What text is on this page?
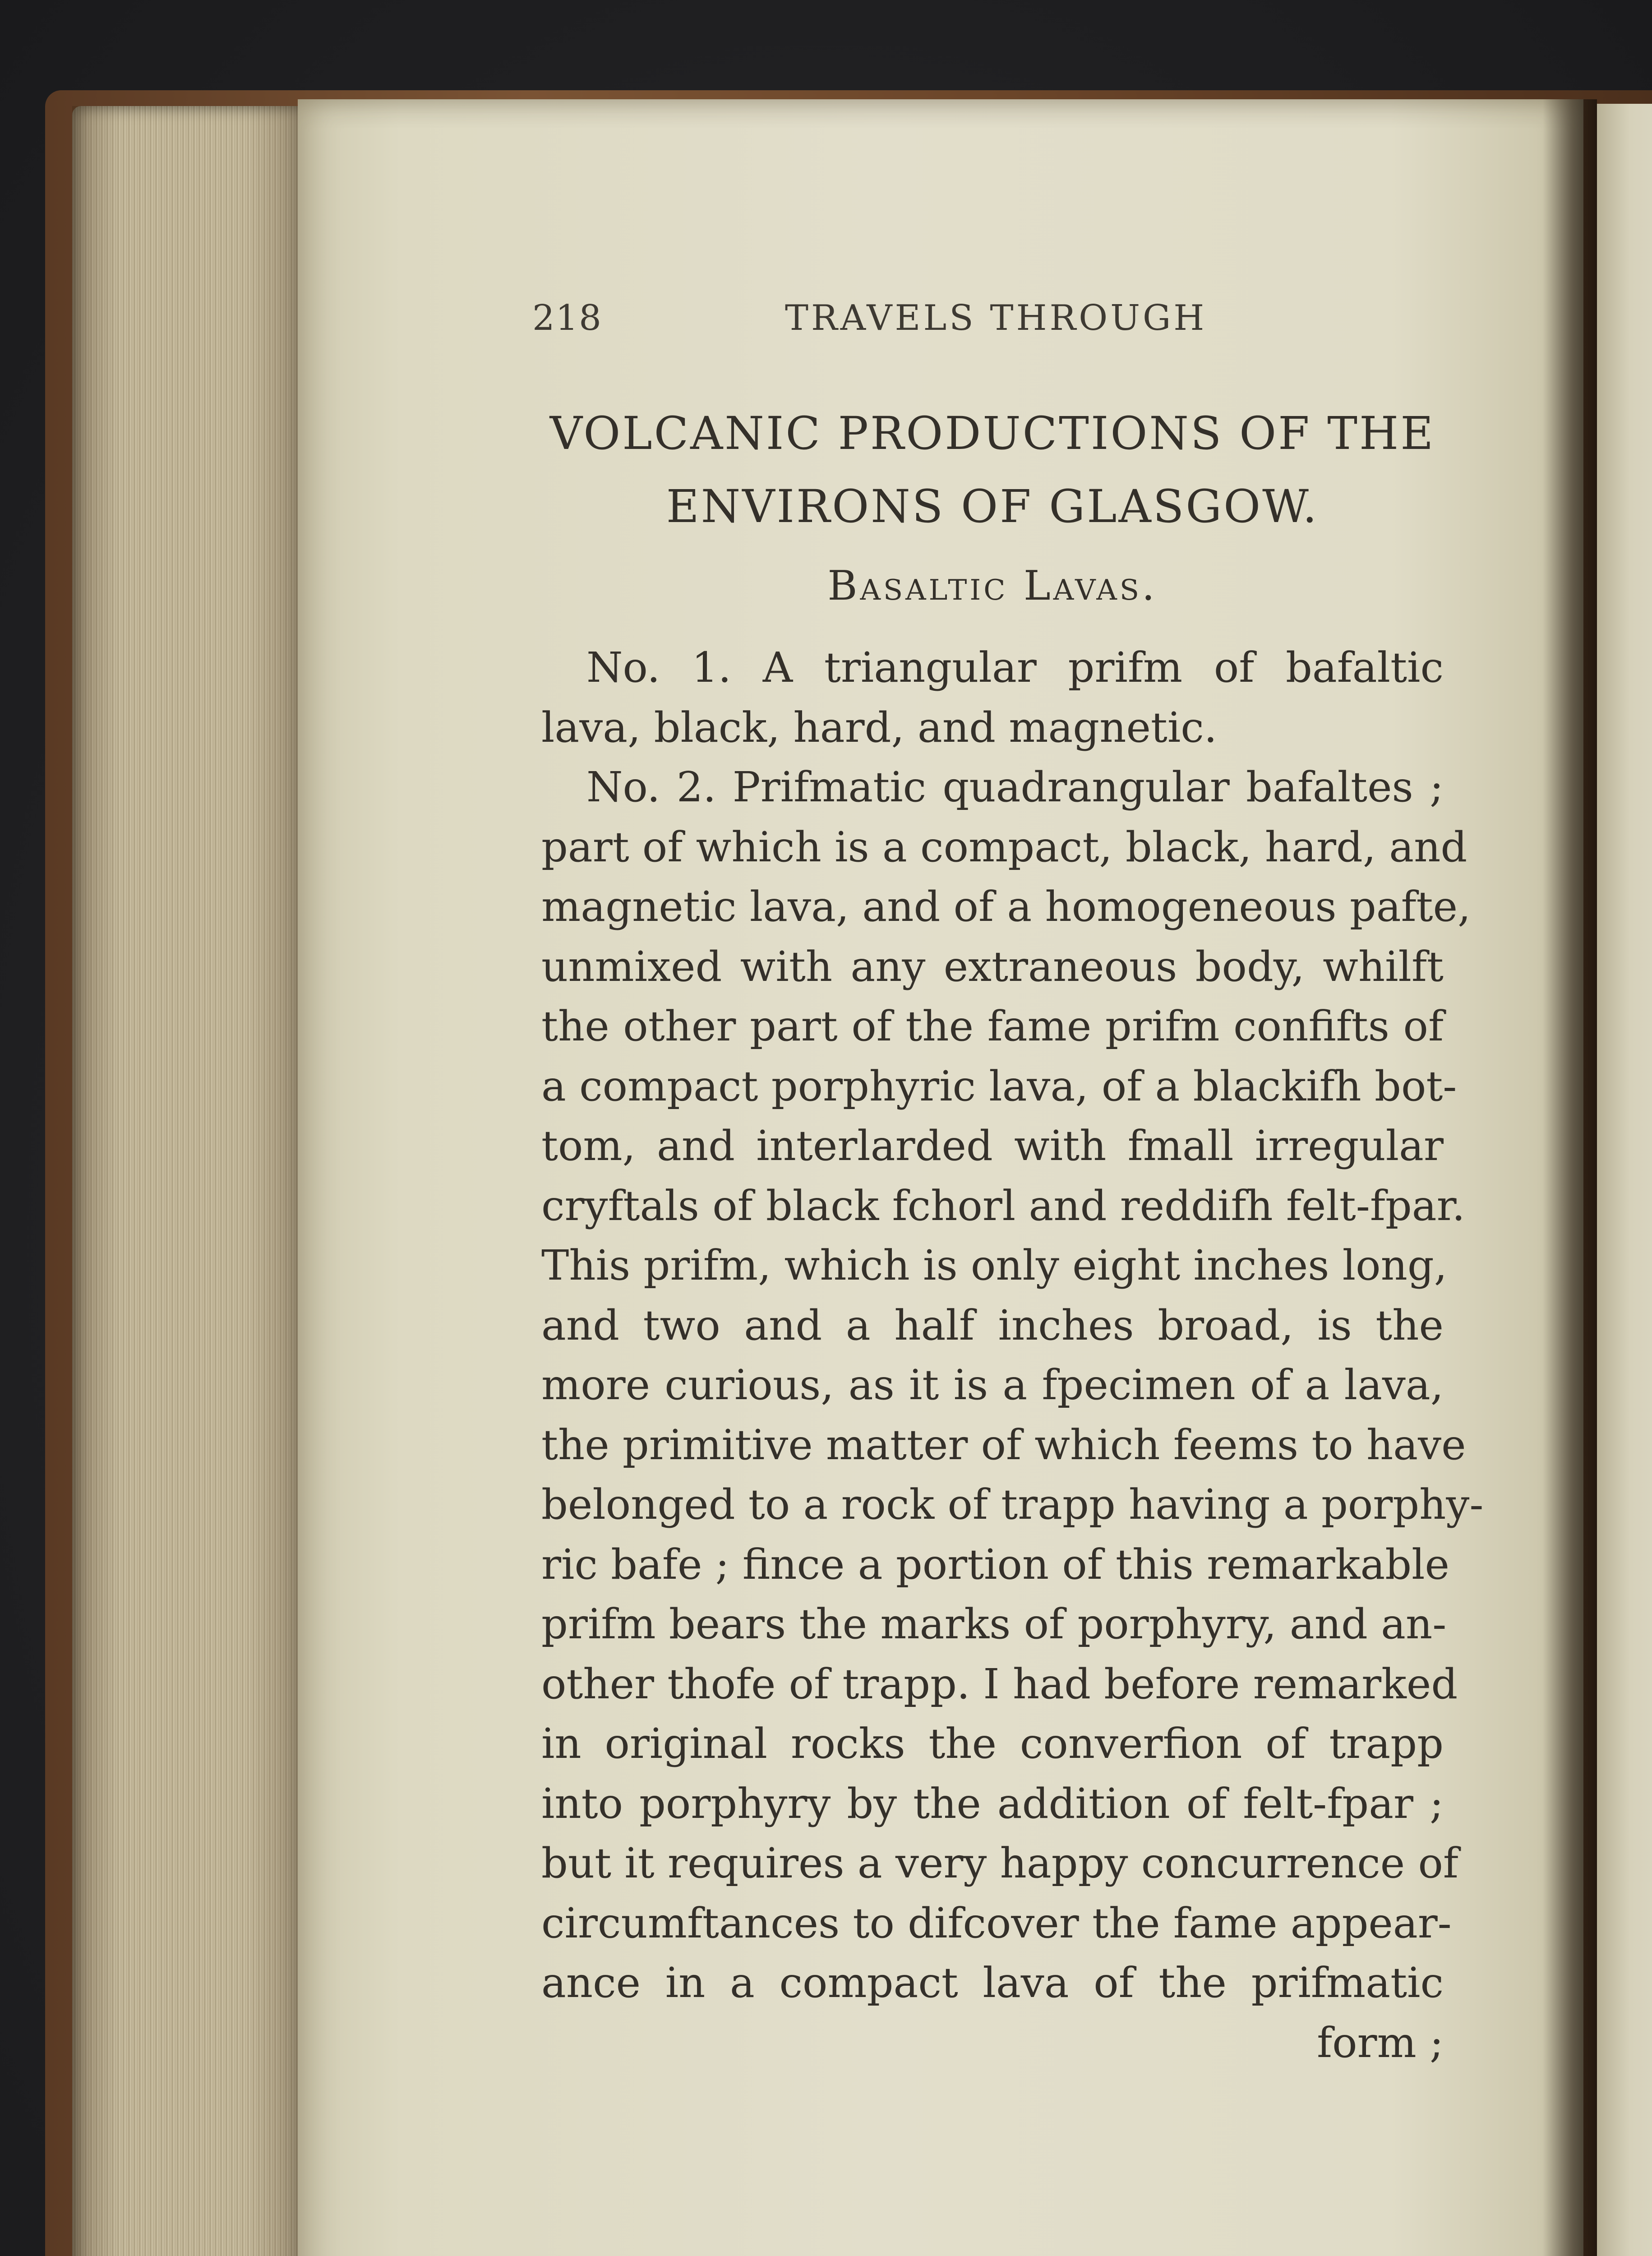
218	TRAVELS THROUGH
VOLCANIC PRODUCTIONS OF THE
ENVIRONS OF GLASGOW.
Basaltic Lavas.
No. 1. A triangular prifm of bafaltic
lava, black, hard, and magnetic.
No. 2. Prifmatic quadrangular bafaltes ;
part of which is a compact, black, hard, and
magnetic lava, and of a homogeneous pafte,
unmixed with any extraneous body, whilft
the other part of the fame prifm confifts of
a compact porphyric lava, of a blackifh bot-
tom, and interlarded with fmall irregular
cryftals of black fchorl and reddifh felt-fpar.
This prifm, which is only eight inches long,
and two and a half inches broad, is the
more curious, as it is a fpecimen of a lava,
the primitive matter of which feems to have
belonged to a rock of trapp having a porphy-
ric bafe ; fince a portion of this remarkable
prifm bears the marks of porphyry, and an-
other thofe of trapp. I had before remarked
in original rocks the converfion of trapp
into porphyry by the addition of felt-fpar ;
but it requires a very happy concurrence of
circumftances to difcover the fame appear-
ance in a compact lava of the prifmatic
form ;
